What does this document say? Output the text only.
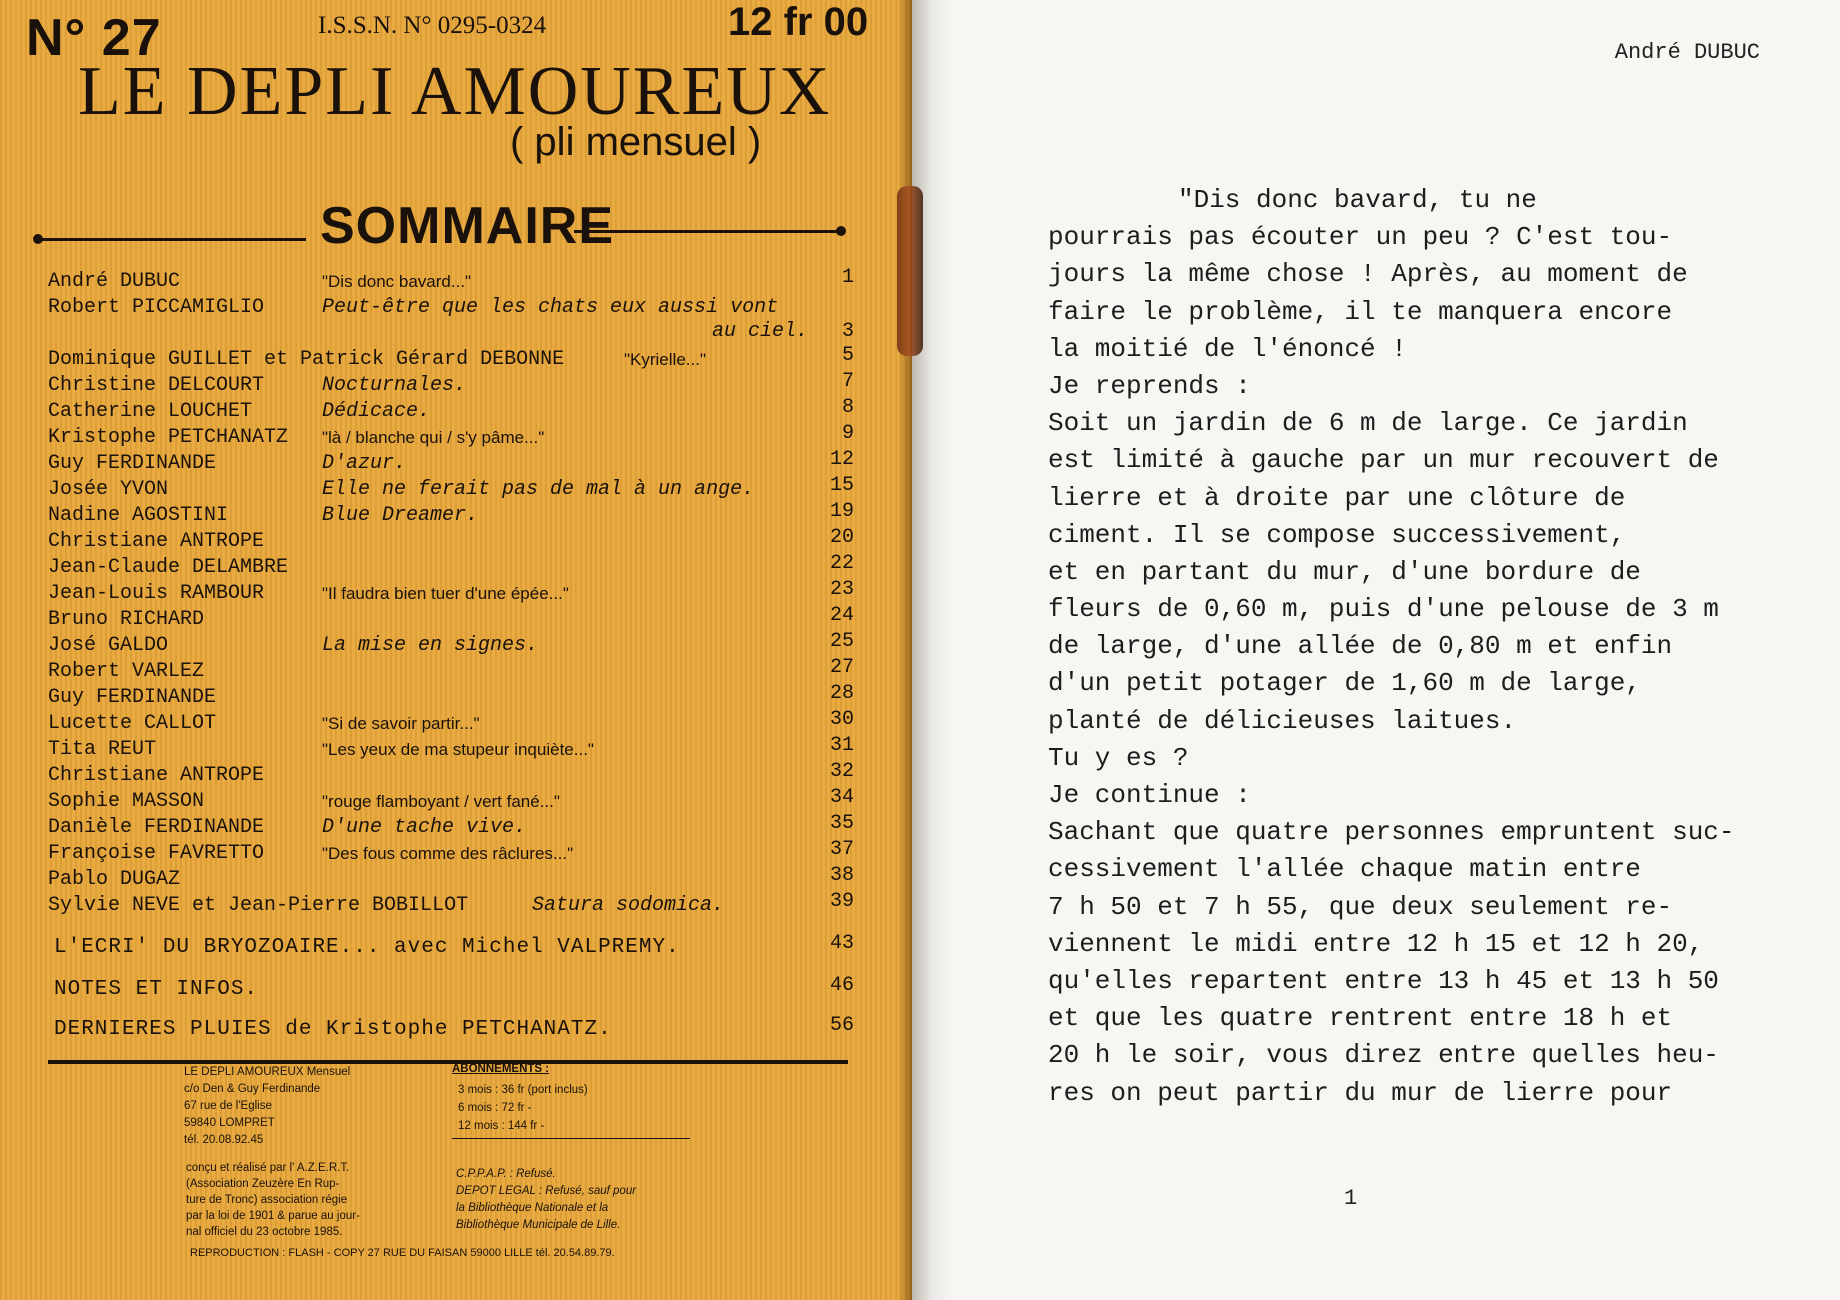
N° 27	I.S.S.N. N° 0295-0324	12 fr 00
LE DEPLI AMOUREUX
( pli mensuel )
SOMMAIRE
André DUBUC	"Dis donc bavard..."	1
Robert PICCAMIGLIO	Peut-être que les chats eux aussi vont
au ciel.	3
Dominique GUILLET et Patrick Gérard DEBONNE	"Kyrielle..."	5
Christine DELCOURT	Nocturnales.	7
Catherine LOUCHET	Dédicace.	8
Kristophe PETCHANATZ "là / blanche qui / s'y pâme..."	9
Guy FERDINANDE	D'azur.	12
Josée YVON	Elle ne ferait pas de mal à un ange.	15
Nadine AGOSTINI	Blue Dreamer.	19
Christiane ANTROPE	20
Jean-Claude DELAMBRE	22
Jean-Louis RAMBOUR	"Il faudra bien tuer d'une épée..."	23
Bruno RICHARD	24
José GALDO	La mise en signes.	25
Robert VARLEZ	27
Guy FERDINANDE	28
Lucette CALLOT	"Si de savoir partir..."	30
Tita REUT	"Les yeux de ma stupeur inquiète..."	31
Christiane ANTROPE	32
Sophie MASSON	"rouge flamboyant / vert fané..."	34
Danièle FERDINANDE	D'une tache vive.	35
Françoise FAVRETTO	"Des fous comme des râclures..."	37
Pablo DUGAZ	38
Sylvie NEVE et Jean-Pierre BOBILLOT	Satura sodomica.	39
L'ECRI' DU BRYOZOAIRE... avec Michel VALPREMY.	43
NOTES ET INFOS.	46
DERNIERES PLUIES de Kristophe PETCHANATZ.	56
LE DEPLI AMOUREUX Mensuel
c/o Den & Guy Ferdinande
67 rue de l'Eglise
59840 LOMPRET
tél. 20.08.92.45
conçu et réalisé par l' A.Z.E.R.T.
(Association Zeuzère En Rup-
ture de Tronc) association régie
par la loi de 1901 & parue au jour-
nal officiel du 23 octobre 1985.
ABONNEMENTS :
3 mois : 36 fr (port inclus)
6 mois : 72 fr -
12 mois : 144 fr -
C.P.P.A.P. : Refusé.
DEPOT LEGAL : Refusé, sauf pour
la Bibliothèque Nationale et la
Bibliothèque Municipale de Lille.
REPRODUCTION : FLASH - COPY 27 RUE DU FAISAN 59000 LILLE tél. 20.54.89.79.
André DUBUC
"Dis donc bavard, tu ne
pourrais pas écouter un peu ? C'est tou-
jours la même chose ! Après, au moment de
faire le problème, il te manquera encore
la moitié de l'énoncé !
Je reprends :
Soit un jardin de 6 m de large. Ce jardin
est limité à gauche par un mur recouvert de
lierre et à droite par une clôture de
ciment. Il se compose successivement,
et en partant du mur, d'une bordure de
fleurs de 0,60 m, puis d'une pelouse de 3 m
de large, d'une allée de 0,80 m et enfin
d'un petit potager de 1,60 m de large,
planté de délicieuses laitues.
Tu y es ?
Je continue :
Sachant que quatre personnes empruntent suc-
cessivement l'allée chaque matin entre
7 h 50 et 7 h 55, que deux seulement re-
viennent le midi entre 12 h 15 et 12 h 20,
qu'elles repartent entre 13 h 45 et 13 h 50
et que les quatre rentrent entre 18 h et
20 h le soir, vous direz entre quelles heu-
res on peut partir du mur de lierre pour
1
